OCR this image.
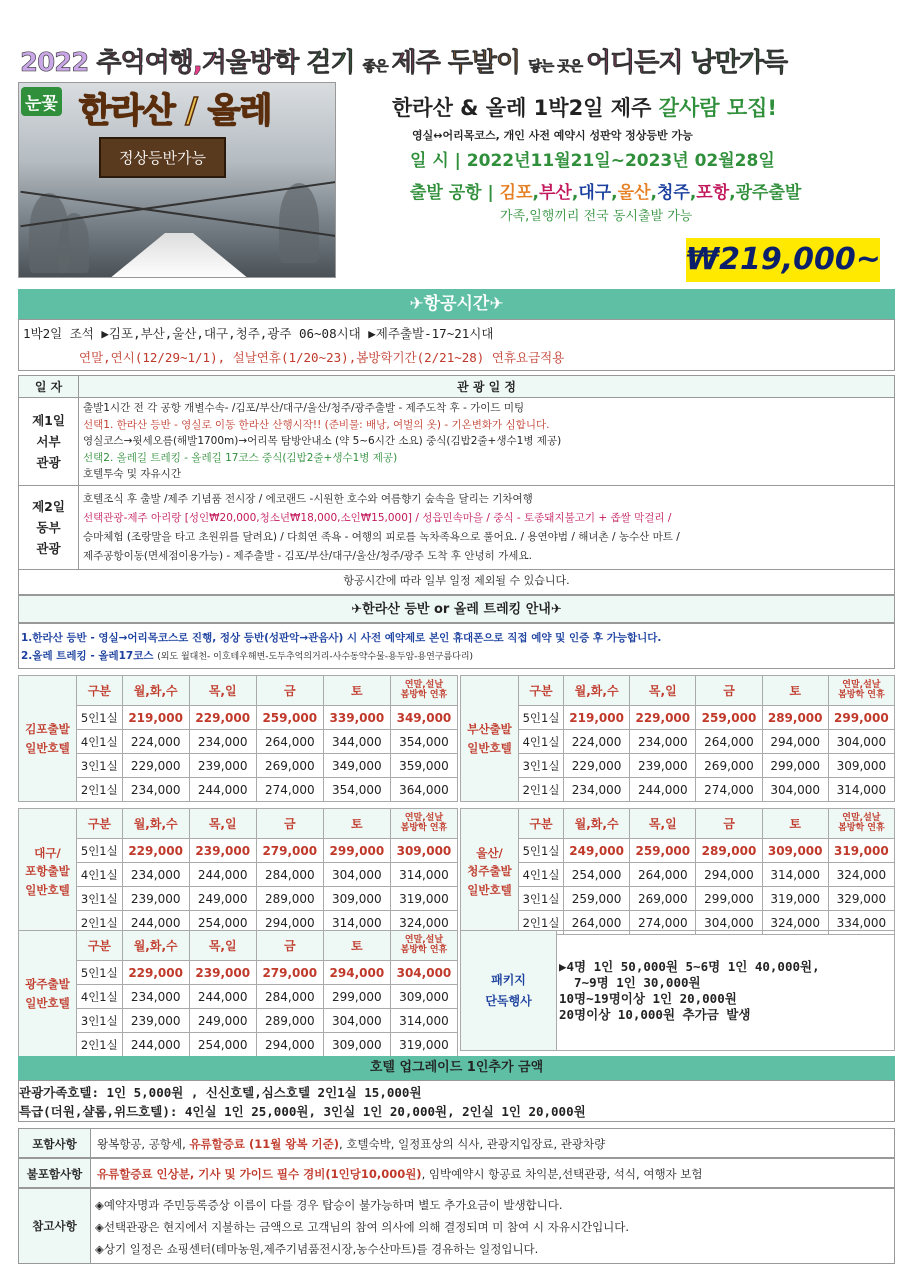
2022 추억여행,겨울방학 걷기 좋은 제주 두발이 닿는 곳은 어디든지 낭만가득
눈꽃 한라산 / 올레
정상등반가능
한라산 & 올레 1박2일 제주 갈사람 모집!
영실↔어리목코스, 개인 사전 예약시 성판악 정상등반 가능
일 시 | 2022년11월21일~2023년 02월28일
출발 공항 | 김포,부산,대구,울산,청주,포항,광주출발
가족,일행끼리 전국 동시출발 가능
₩219,000~
✈항공시간✈
1박2일 조석 ▶김포,부산,울산,대구,청주,광주 06~08시대 ▶제주출발-17~21시대
연말,연시(12/29~1/1), 설날연휴(1/20~23),봄방학기간(2/21~28) 연휴요금적용
일 자	관 광 일 정
제1일
서부
관광
출발1시간 전 각 공항 개별수속- /김포/부산/대구/울산/청주/광주출발 - 제주도착 후 - 가이드 미팅
선택1. 한라산 등반 - 영실로 이동 한라산 산행시작!! (준비물: 배낭, 여벌의 옷) - 기온변화가 심합니다.
영실코스→윗세오름(해발1700m)→어리목 탐방안내소 (약 5~6시간 소요) 중식(김밥2줄+생수1병 제공)
선택2. 올레길 트레킹 - 올레길 17코스 중식(김밥2줄+생수1병 제공)
호텔투숙 및 자유시간
제2일
동부
관광
호텔조식 후 출발 /제주 기념품 전시장 / 에코랜드 -시원한 호수와 여름향기 숲속을 달리는 기차여행
선택관광-제주 아리랑 [성인₩20,000,청소년₩18,000,소인₩15,000] / 성읍민속마을 / 중식 - 토종돼지불고기 + 좁쌀 막걸리 /
승마체험 (조랑말을 타고 초원위를 달려요) / 다희연 족욕 - 여행의 피로를 녹차족욕으로 풀어요. / 용연야범 / 해녀촌 / 농수산 마트 /
제주공항이동(면세점이용가능) - 제주출발 - 김포/부산/대구/울산/청주/광주 도착 후 안녕히 가세요.
항공시간에 따라 일부 일정 제외될 수 있습니다.
✈한라산 등반 or 올레 트레킹 안내✈
1.한라산 등반 - 영실→어리목코스로 진행, 정상 등반(성판악→관음사) 시 사전 예약제로 본인 휴대폰으로 직접 예약 및 인증 후 가능합니다.
2.올레 트레킹 - 올레17코스 (외도 월대천- 이호테우해변-도두추억의거리-사수동약수물-용두암-용연구름다리)
김포출발
일반호텔	구분	월,화,수	목,일	금	토	연말,설날
봄방학 연휴
	5인1실	219,000	229,000	259,000	339,000	349,000
	4인1실	224,000	234,000	264,000	344,000	354,000
	3인1실	229,000	239,000	269,000	349,000	359,000
	2인1실	234,000	244,000	274,000	354,000	364,000
부산출발
일반호텔	구분	월,화,수	목,일	금	토	연말,설날
봄방학 연휴
	5인1실	219,000	229,000	259,000	289,000	299,000
	4인1실	224,000	234,000	264,000	294,000	304,000
	3인1실	229,000	239,000	269,000	299,000	309,000
	2인1실	234,000	244,000	274,000	304,000	314,000
대구/
포항출발
일반호텔	구분	월,화,수	목,일	금	토	연말,설날
봄방학 연휴
	5인1실	229,000	239,000	279,000	299,000	309,000
	4인1실	234,000	244,000	284,000	304,000	314,000
	3인1실	239,000	249,000	289,000	309,000	319,000
	2인1실	244,000	254,000	294,000	314,000	324,000
울산/
청주출발
일반호텔	구분	월,화,수	목,일	금	토	연말,설날
봄방학 연휴
	5인1실	249,000	259,000	289,000	309,000	319,000
	4인1실	254,000	264,000	294,000	314,000	324,000
	3인1실	259,000	269,000	299,000	319,000	329,000
	2인1실	264,000	274,000	304,000	324,000	334,000
광주출발
일반호텔	구분	월,화,수	목,일	금	토	연말,설날
봄방학 연휴
	5인1실	229,000	239,000	279,000	294,000	304,000
	4인1실	234,000	244,000	284,000	299,000	309,000
	3인1실	239,000	249,000	289,000	304,000	314,000
	2인1실	244,000	254,000	294,000	309,000	319,000
패키지
단독행사
▶4명 1인 50,000원 5~6명 1인 40,000원,
7~9명 1인 30,000원
10명~19명이상 1인 20,000원
20명이상 10,000원 추가금 발생
호텔 업그레이드 1인추가 금액
관광가족호텔: 1인 5,000원 , 신신호텔,심스호텔 2인1실 15,000원
특급(더원,샬롬,위드호텔): 4인실 1인 25,000원, 3인실 1인 20,000원, 2인실 1인 20,000원
포함사항	왕복항공, 공항세, 유류할증료 (11월 왕복 기준), 호텔숙박, 일정표상의 식사, 관광지입장료, 관광차량
불포함사항	유류할증료 인상분, 기사 및 가이드 필수 경비(1인당10,000원), 임박예약시 항공료 차익분,선택관광, 석식, 여행자 보험
참고사항
◈예약자명과 주민등록증상 이름이 다를 경우 탑승이 불가능하며 별도 추가요금이 발생합니다.
◈선택관광은 현지에서 지불하는 금액으로 고객님의 참여 의사에 의해 결정되며 미 참여 시 자유시간입니다.
◈상기 일정은 쇼핑센터(테마농원,제주기념품전시장,농수산마트)를 경유하는 일정입니다.
